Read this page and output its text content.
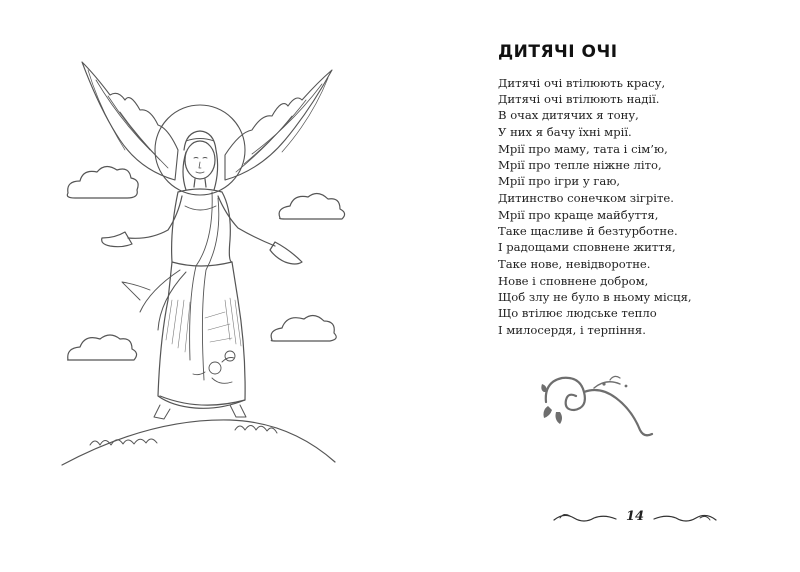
ДИТЯЧІ ОЧІ
Дитячі очі втілюють красу,
Дитячі очі втілюють надії.
В очах дитячих я тону,
У них я бачу їхні мрії.
Мрії про маму, тата і сім’ю,
Мрії про тепле ніжне літо,
Мрії про ігри у гаю,
Дитинство сонечком зігріте.
Мрії про краще майбуття,
Таке щасливе й безтурботне.
І радощами сповнене життя,
Таке нове, невідворотне.
Нове і сповнене добром,
Щоб злу не було в ньому місця,
Що втілює людське тепло
І милосердя, і терпіння.
14
